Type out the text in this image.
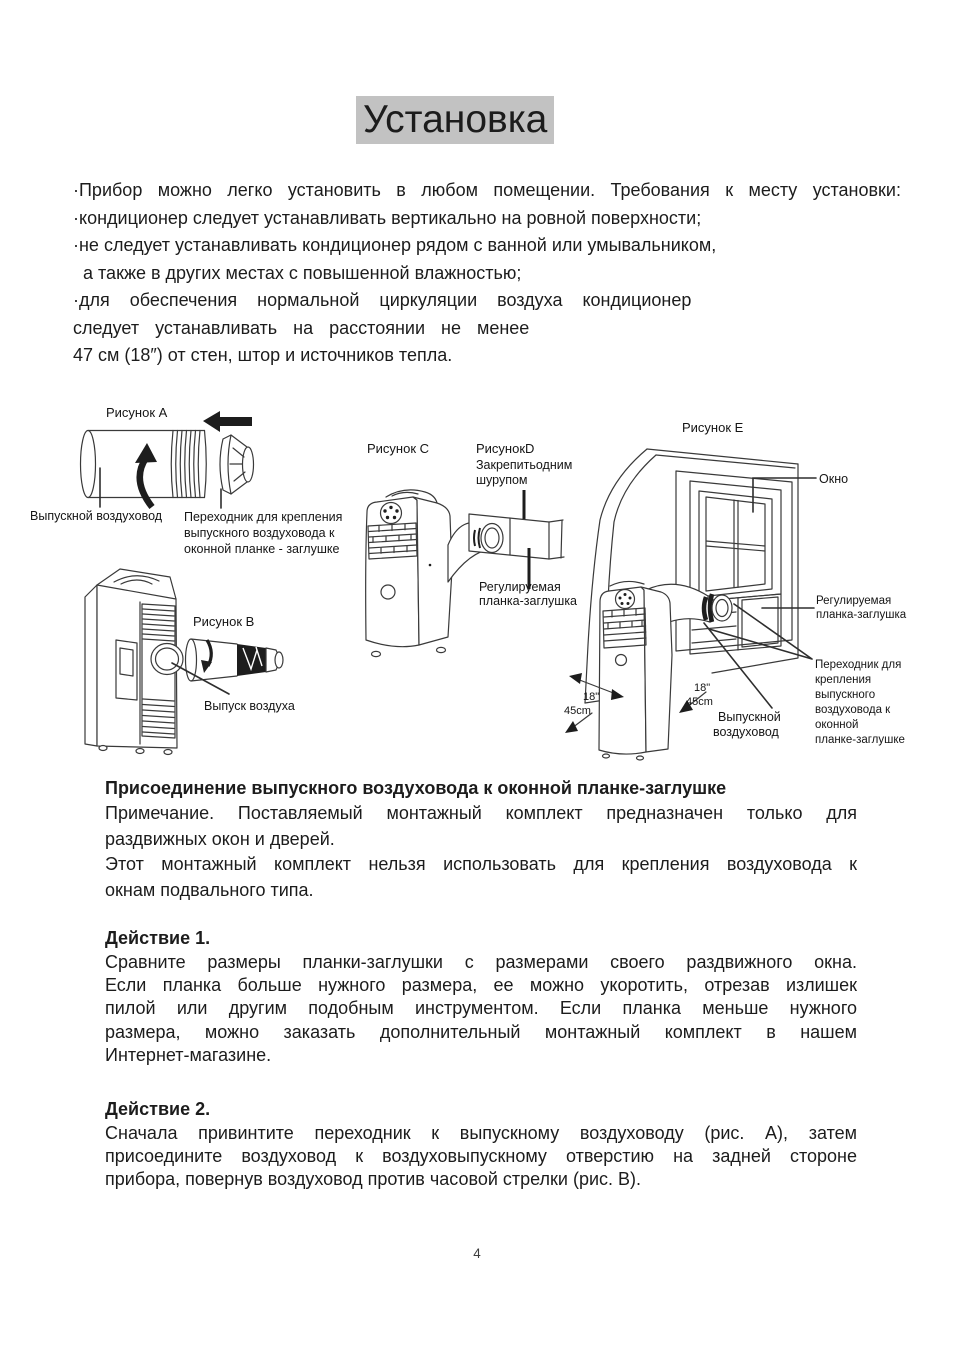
Установка
·Прибор можно легко установить в любом помещении. Требования к месту установки:
·кондиционер следует устанавливать вертикально на ровной поверхности;
·не следует устанавливать кондиционер рядом с ванной или умывальником,
а также в других местах с повышенной влажностью;
·для обеспечения нормальной циркуляции воздуха кондиционер
следует устанавливать на расстоянии не менее
47 см (18″) от стен, штор и источников тепла.
Рисунок A
Выпускной воздуховод Переходник для крепления
выпускного воздуховода к
оконной планке - заглушке
Рисунок B
Выпуск воздуха
Рисунок C	РисунокD
Закрепитьодним
шурупом
Регулируемая
планка-заглушка
Рисунок E
18"
45cm
18"
45cm
Окно
Регулируемая
планка-заглушка
Переходник для
крепления
выпускного
воздуховода к
оконной
планке-заглушке
Выпускной
воздуховод
Присоединение выпускного воздуховода к оконной планке-заглушке
Примечание. Поставляемый монтажный комплект предназначен только для
раздвижных окон и дверей.
Этот монтажный комплект нельзя использовать для крепления воздуховода к
окнам подвального типа.
Действие 1.
Сравните размеры планки-заглушки с размерами своего раздвижного окна.
Если планка больше нужного размера, ее можно укоротить, отрезав излишек
пилой или другим подобным инструментом. Если планка меньше нужного
размера, можно заказать дополнительный монтажный комплект в нашем
Интернет-магазине.
Действие 2.
Сначала привинтите переходник к выпускному воздуховоду (рис. А), затем
присоедините воздуховод к воздуховыпускному отверстию на задней стороне
прибора, повернув воздуховод против часовой стрелки (рис. В).
4
